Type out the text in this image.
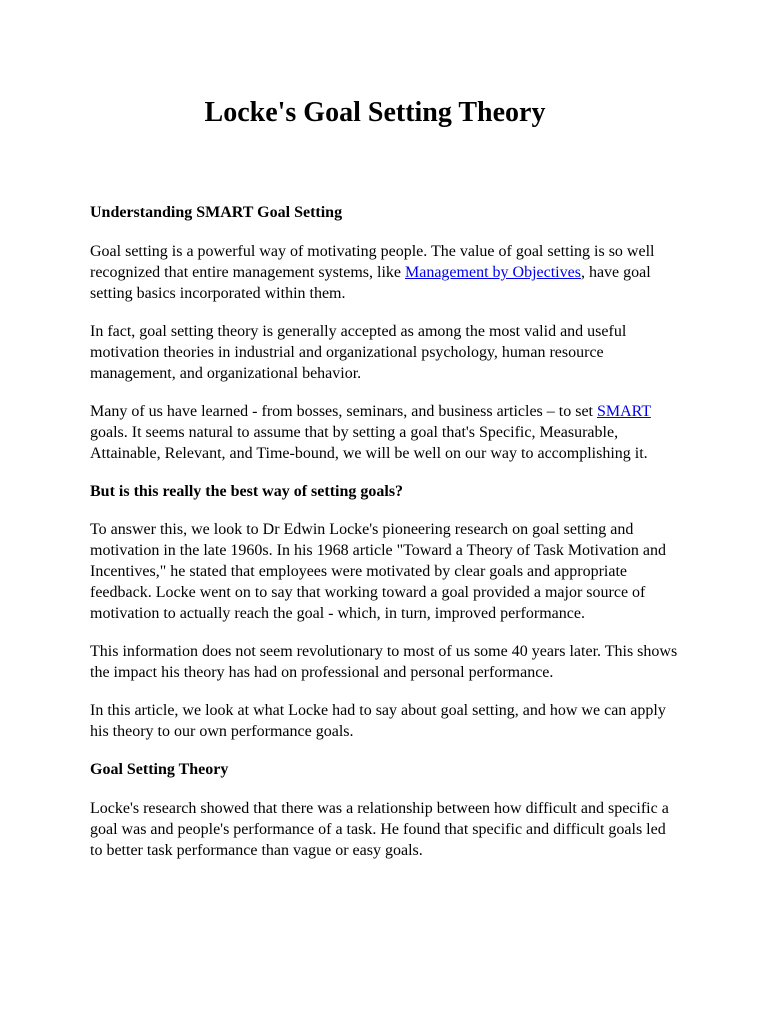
Locke's Goal Setting Theory

Understanding SMART Goal Setting

Goal setting is a powerful way of motivating people. The value of goal setting is so well recognized that entire management systems, like Management by Objectives, have goal setting basics incorporated within them.

In fact, goal setting theory is generally accepted as among the most valid and useful motivation theories in industrial and organizational psychology, human resource management, and organizational behavior.

Many of us have learned - from bosses, seminars, and business articles – to set SMART goals. It seems natural to assume that by setting a goal that's Specific, Measurable, Attainable, Relevant, and Time-bound, we will be well on our way to accomplishing it.

But is this really the best way of setting goals?

To answer this, we look to Dr Edwin Locke's pioneering research on goal setting and motivation in the late 1960s. In his 1968 article "Toward a Theory of Task Motivation and Incentives," he stated that employees were motivated by clear goals and appropriate feedback. Locke went on to say that working toward a goal provided a major source of motivation to actually reach the goal - which, in turn, improved performance.

This information does not seem revolutionary to most of us some 40 years later. This shows the impact his theory has had on professional and personal performance.

In this article, we look at what Locke had to say about goal setting, and how we can apply his theory to our own performance goals.

Goal Setting Theory

Locke's research showed that there was a relationship between how difficult and specific a goal was and people's performance of a task. He found that specific and difficult goals led to better task performance than vague or easy goals.
